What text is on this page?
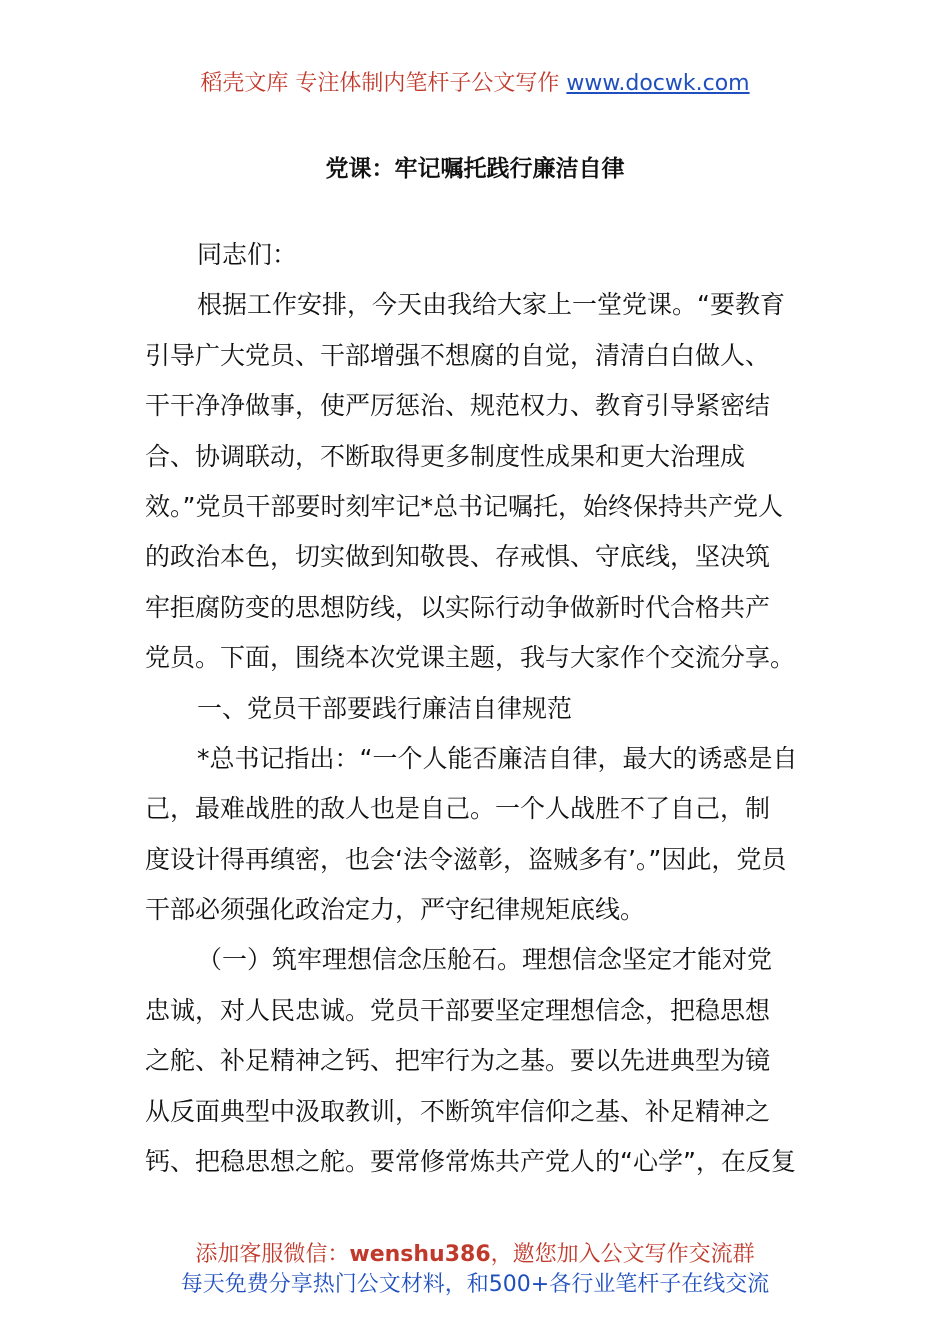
稻壳文库 专注体制内笔杆子公文写作 www.docwk.com
党课：牢记嘱托践行廉洁自律
同志们：
根据工作安排，今天由我给大家上一堂党课。“要教育
引导广大党员、干部增强不想腐的自觉，清清白白做人、
干干净净做事，使严厉惩治、规范权力、教育引导紧密结
合、协调联动，不断取得更多制度性成果和更大治理成
效。”党员干部要时刻牢记*总书记嘱托，始终保持共产党人
的政治本色，切实做到知敬畏、存戒惧、守底线，坚决筑
牢拒腐防变的思想防线，以实际行动争做新时代合格共产
党员。下面，围绕本次党课主题，我与大家作个交流分享。
一、党员干部要践行廉洁自律规范
*总书记指出：“一个人能否廉洁自律，最大的诱惑是自
己，最难战胜的敌人也是自己。一个人战胜不了自己，制
度设计得再缜密，也会‘法令滋彰，盗贼多有’。”因此，党员
干部必须强化政治定力，严守纪律规矩底线。
（一）筑牢理想信念压舱石。理想信念坚定才能对党
忠诚，对人民忠诚。党员干部要坚定理想信念，把稳思想
之舵、补足精神之钙、把牢行为之基。要以先进典型为镜
从反面典型中汲取教训，不断筑牢信仰之基、补足精神之
钙、把稳思想之舵。要常修常炼共产党人的“心学”，在反复
添加客服微信：wenshu386，邀您加入公文写作交流群
每天免费分享热门公文材料，和500+各行业笔杆子在线交流
